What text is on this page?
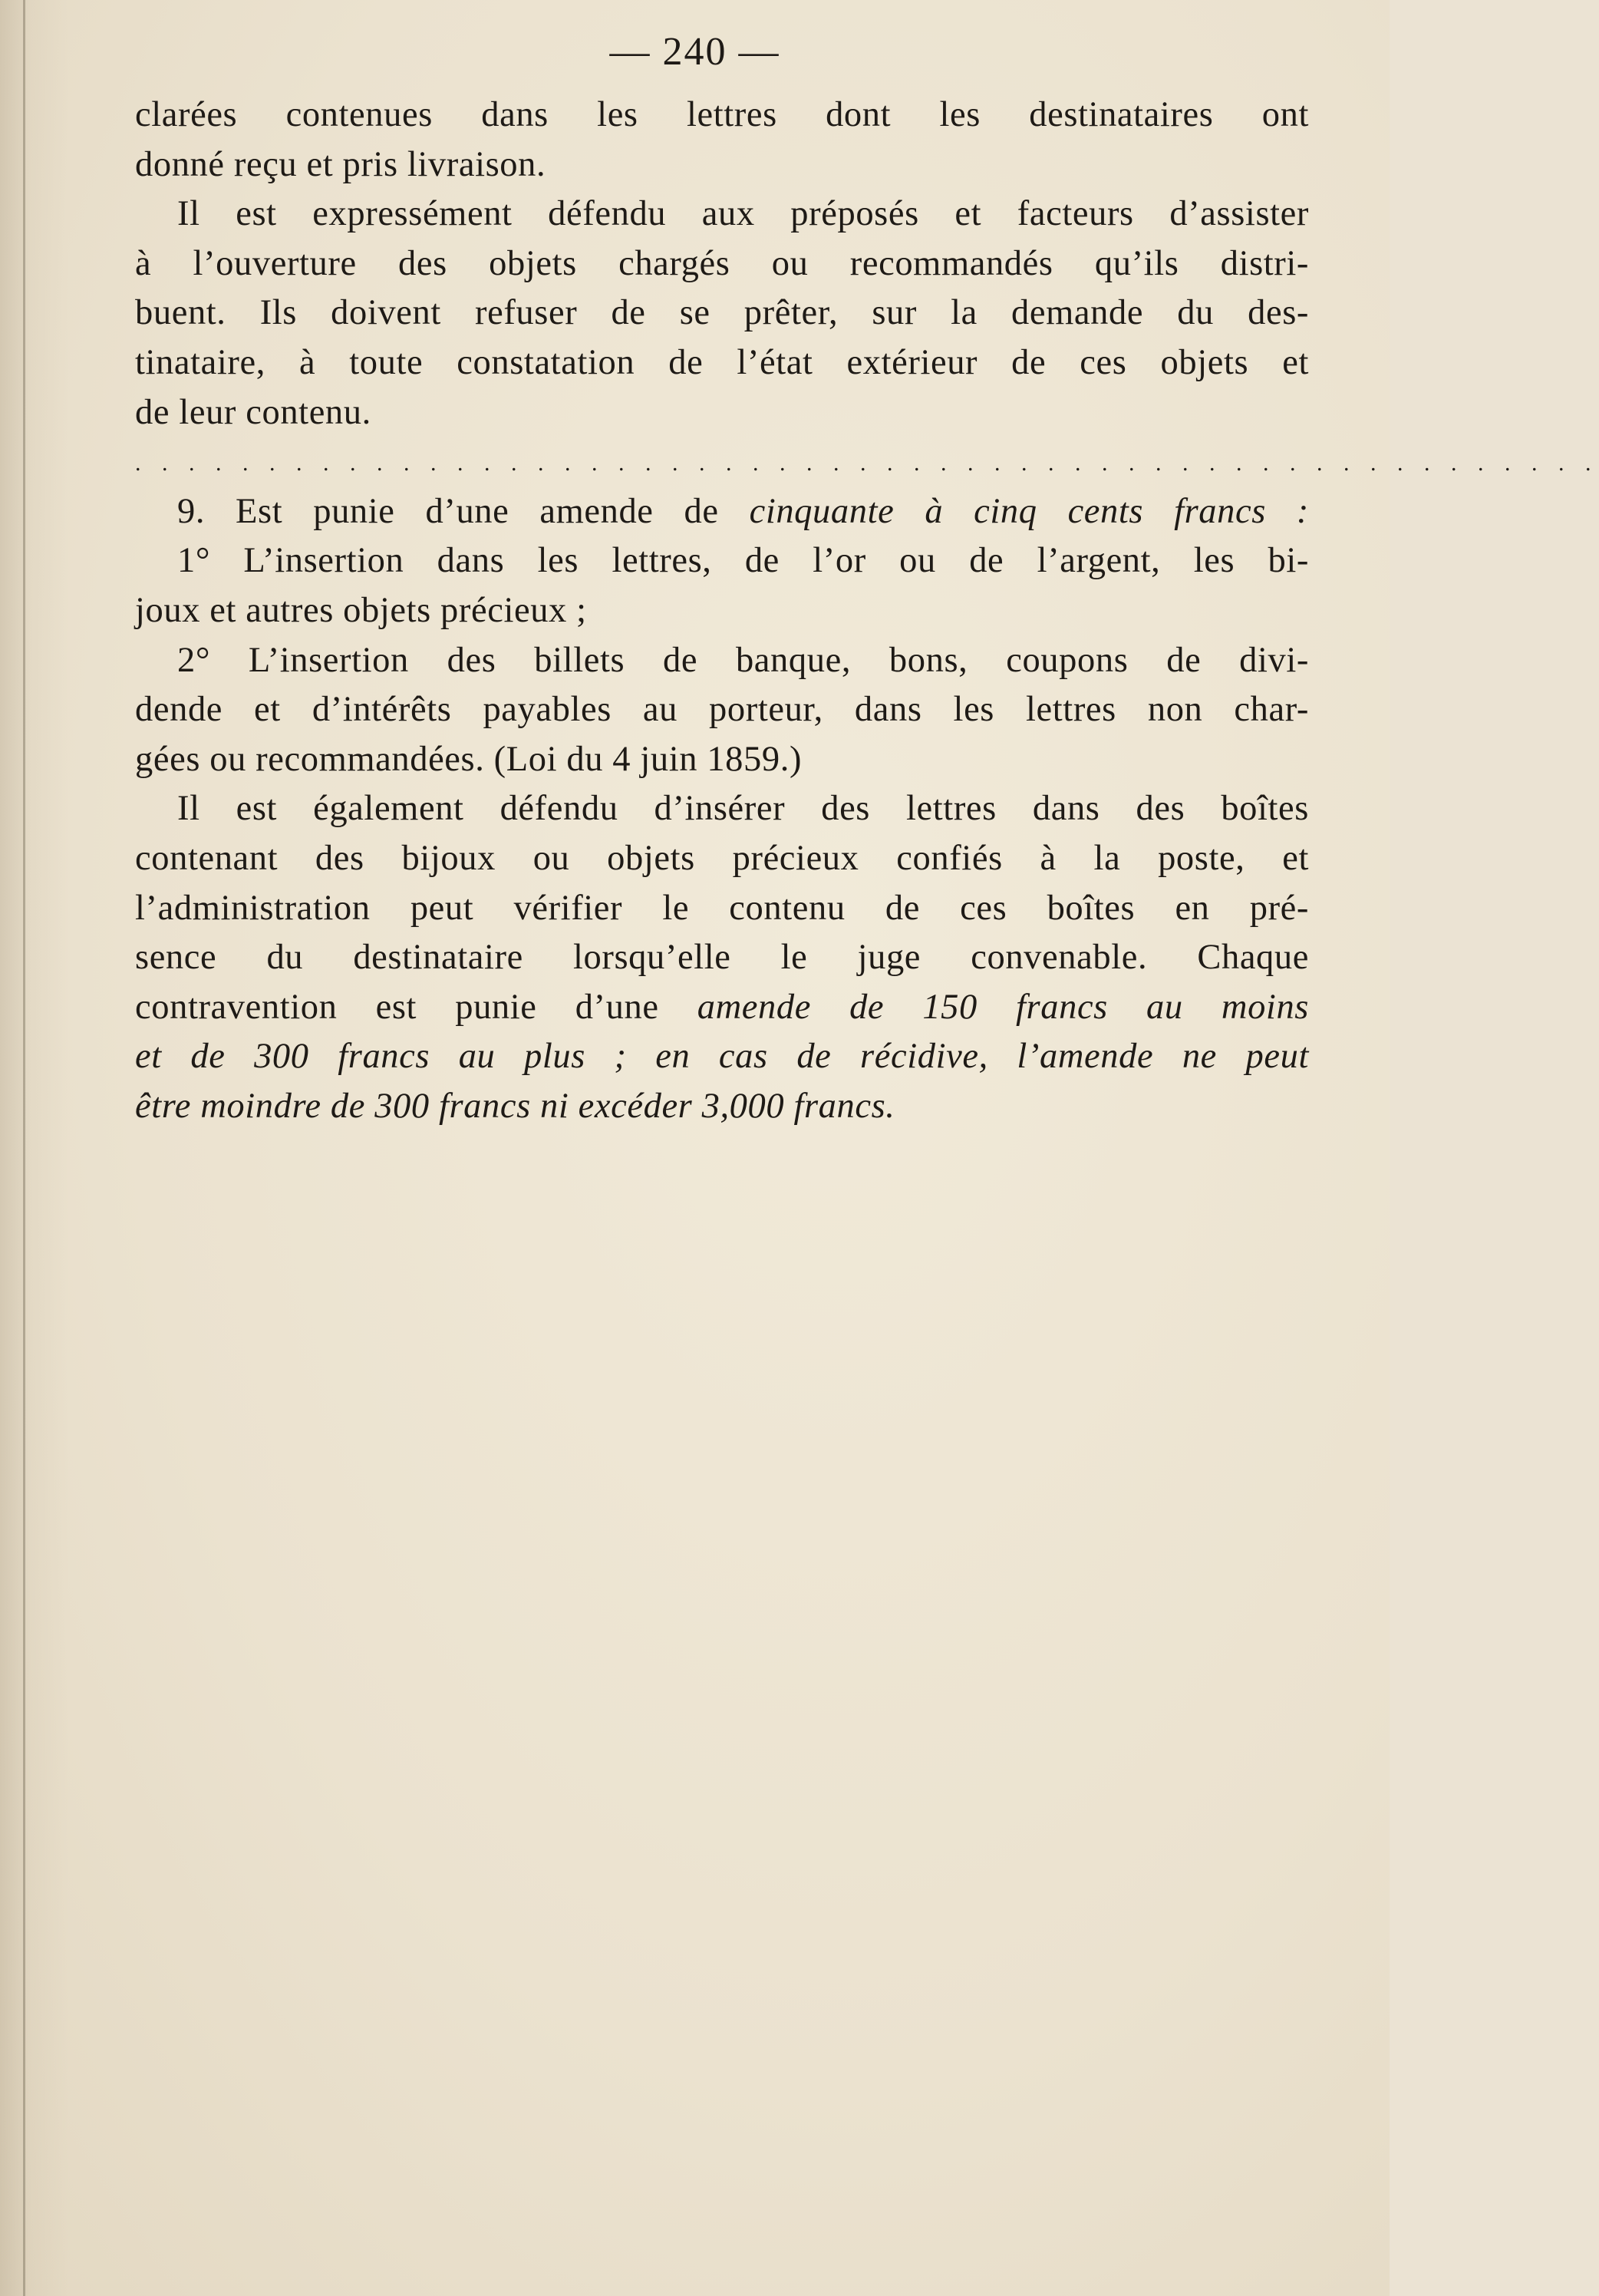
— 240 —
clarées contenues dans les lettres dont les destinataires ont
donné reçu et pris livraison.
Il est expressément défendu aux préposés et facteurs d’assister
à l’ouverture des objets chargés ou recommandés qu’ils distri-
buent. Ils doivent refuser de se prêter, sur la demande du des-
tinataire, à toute constatation de l’état extérieur de ces objets et
de leur contenu.
. . . . . . . . . . . . . . . . . . . . . . . . . . . . . . . . . . . . . . . . . . . . . . . . . . . . . . .
9. Est punie d’une amende de cinquante à cinq cents francs :
1° L’insertion dans les lettres, de l’or ou de l’argent, les bi-
joux et autres objets précieux ;
2° L’insertion des billets de banque, bons, coupons de divi-
dende et d’intérêts payables au porteur, dans les lettres non char-
gées ou recommandées. (Loi du 4 juin 1859.)
Il est également défendu d’insérer des lettres dans des boîtes
contenant des bijoux ou objets précieux confiés à la poste, et
l’administration peut vérifier le contenu de ces boîtes en pré-
sence du destinataire lorsqu’elle le juge convenable. Chaque
contravention est punie d’une amende de 150 francs au moins
et de 300 francs au plus ; en cas de récidive, l’amende ne peut
être moindre de 300 francs ni excéder 3,000 francs.
